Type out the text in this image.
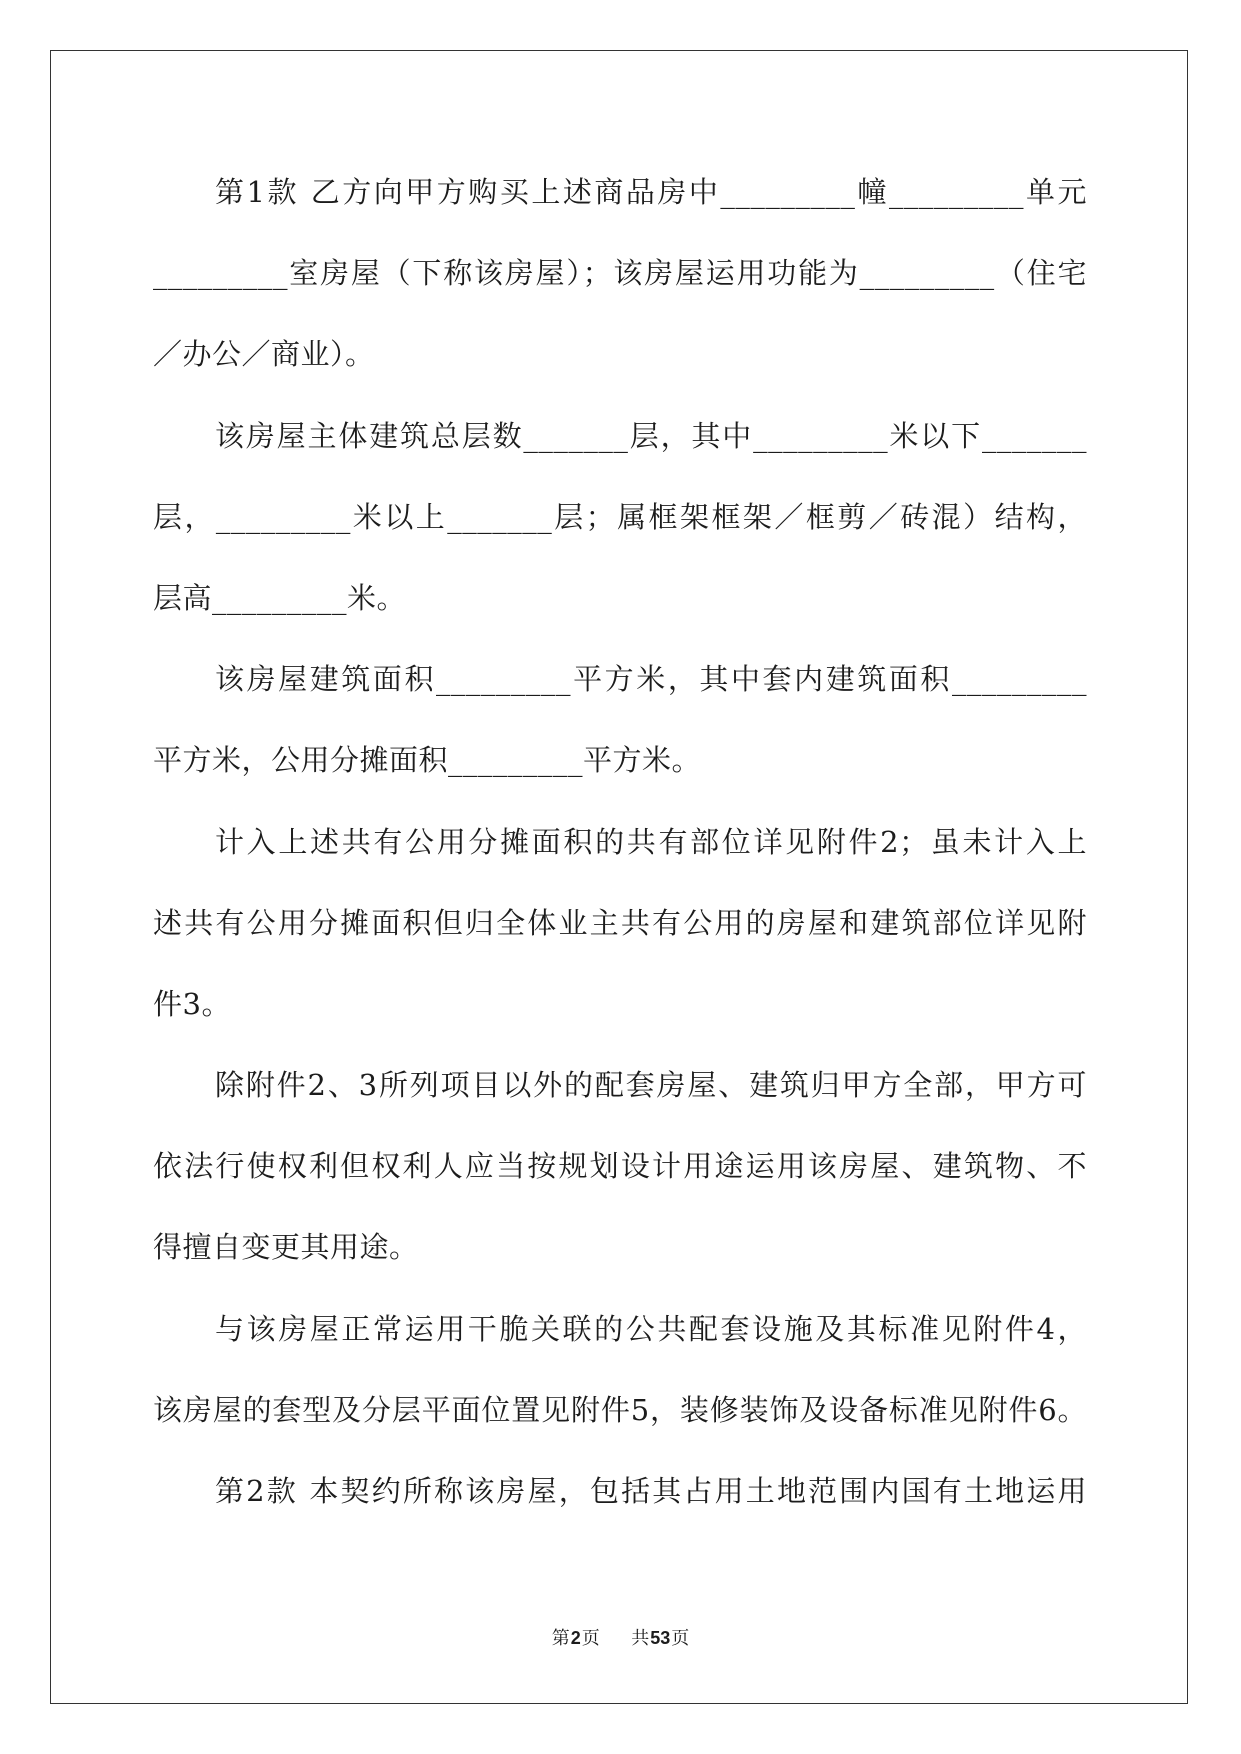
第1款 乙方向甲方购买上述商品房中_________幢_________单元
_________室房屋（下称该房屋）；该房屋运用功能为_________（住宅
／办公／商业）。
该房屋主体建筑总层数_______层，其中_________米以下_______
层，_________米以上_______层；属框架框架／框剪／砖混）结构，
层高_________米。
该房屋建筑面积_________平方米，其中套内建筑面积_________
平方米，公用分摊面积_________平方米。
计入上述共有公用分摊面积的共有部位详见附件2；虽未计入上
述共有公用分摊面积但归全体业主共有公用的房屋和建筑部位详见附
件3。
除附件2、3所列项目以外的配套房屋、建筑归甲方全部，甲方可
依法行使权利但权利人应当按规划设计用途运用该房屋、建筑物、不
得擅自变更其用途。
与该房屋正常运用干脆关联的公共配套设施及其标准见附件4，
该房屋的套型及分层平面位置见附件5，装修装饰及设备标准见附件6。
第2款 本契约所称该房屋，包括其占用土地范围内国有土地运用
第2页 共53页
